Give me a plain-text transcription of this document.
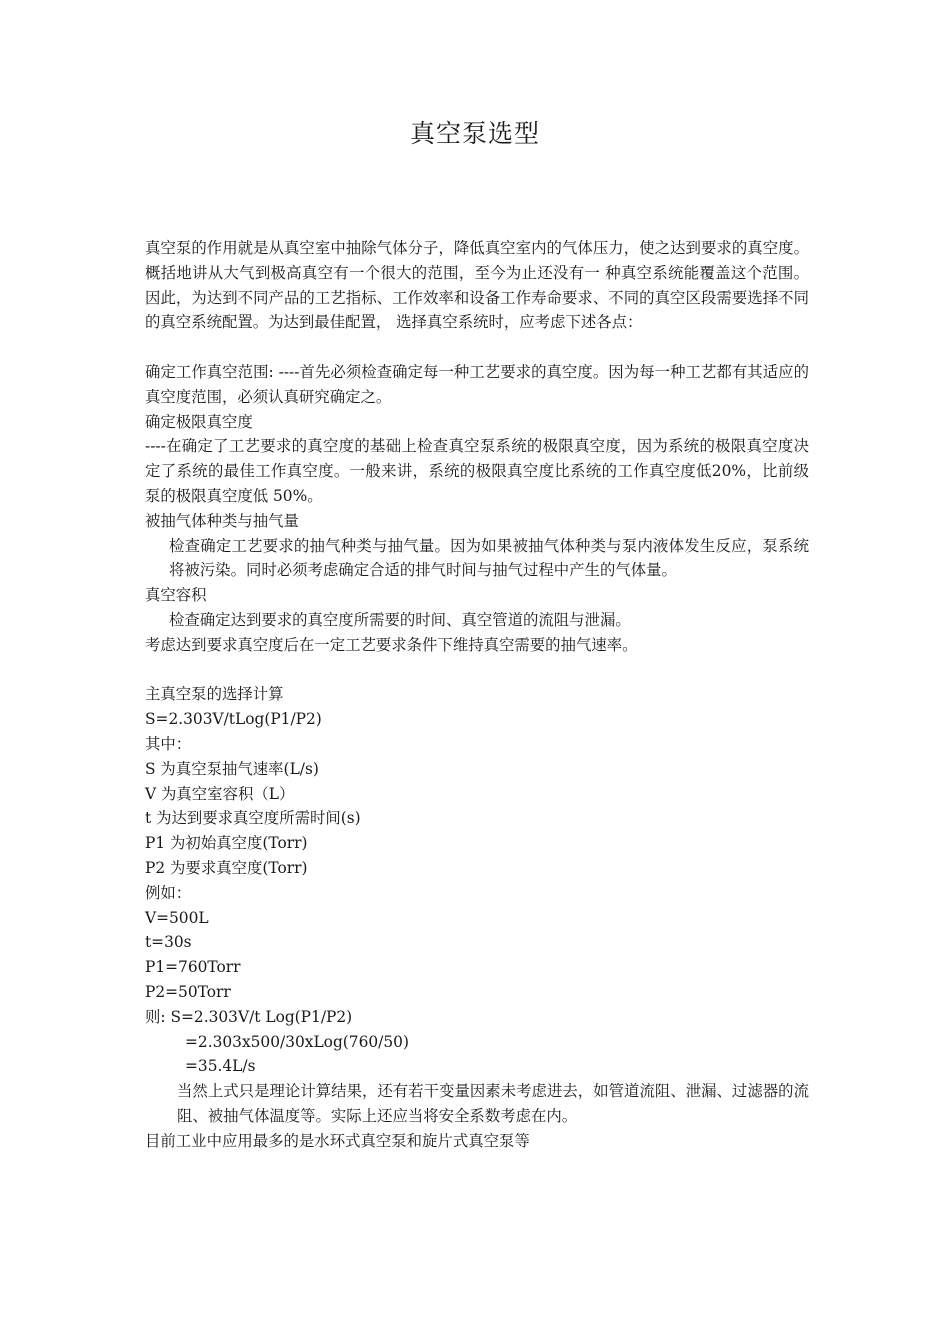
真空泵选型

真空泵的作用就是从真空室中抽除气体分子，降低真空室内的气体压力，使之达到要求的真空度。概括地讲从大气到极高真空有一个很大的范围，至今为止还没有一 种真空系统能覆盖这个范围。因此，为达到不同产品的工艺指标、工作效率和设备工作寿命要求、不同的真空区段需要选择不同的真空系统配置。为达到最佳配置， 选择真空系统时，应考虑下述各点：

确定工作真空范围: ----首先必须检查确定每一种工艺要求的真空度。因为每一种工艺都有其适应的真空度范围，必须认真研究确定之。

确定极限真空度

----在确定了工艺要求的真空度的基础上检查真空泵系统的极限真空度，因为系统的极限真空度决定了系统的最佳工作真空度。一般来讲，系统的极限真空度比系统的工作真空度低20%，比前级泵的极限真空度低 50%。

被抽气体种类与抽气量

检查确定工艺要求的抽气种类与抽气量。因为如果被抽气体种类与泵内液体发生反应，泵系统将被污染。同时必须考虑确定合适的排气时间与抽气过程中产生的气体量。

真空容积

检查确定达到要求的真空度所需要的时间、真空管道的流阻与泄漏。

考虑达到要求真空度后在一定工艺要求条件下维持真空需要的抽气速率。

主真空泵的选择计算

S=2.303V/tLog(P1/P2)

其中：

S 为真空泵抽气速率(L/s)

V 为真空室容积（L）

t 为达到要求真空度所需时间(s)

P1 为初始真空度(Torr)

P2 为要求真空度(Torr)

例如：

V=500L

t=30s

P1=760Torr

P2=50Torr

则: S=2.303V/t Log(P1/P2)

=2.303x500/30xLog(760/50)

=35.4L/s

当然上式只是理论计算结果，还有若干变量因素未考虑进去，如管道流阻、泄漏、过滤器的流阻、被抽气体温度等。实际上还应当将安全系数考虑在内。

目前工业中应用最多的是水环式真空泵和旋片式真空泵等
